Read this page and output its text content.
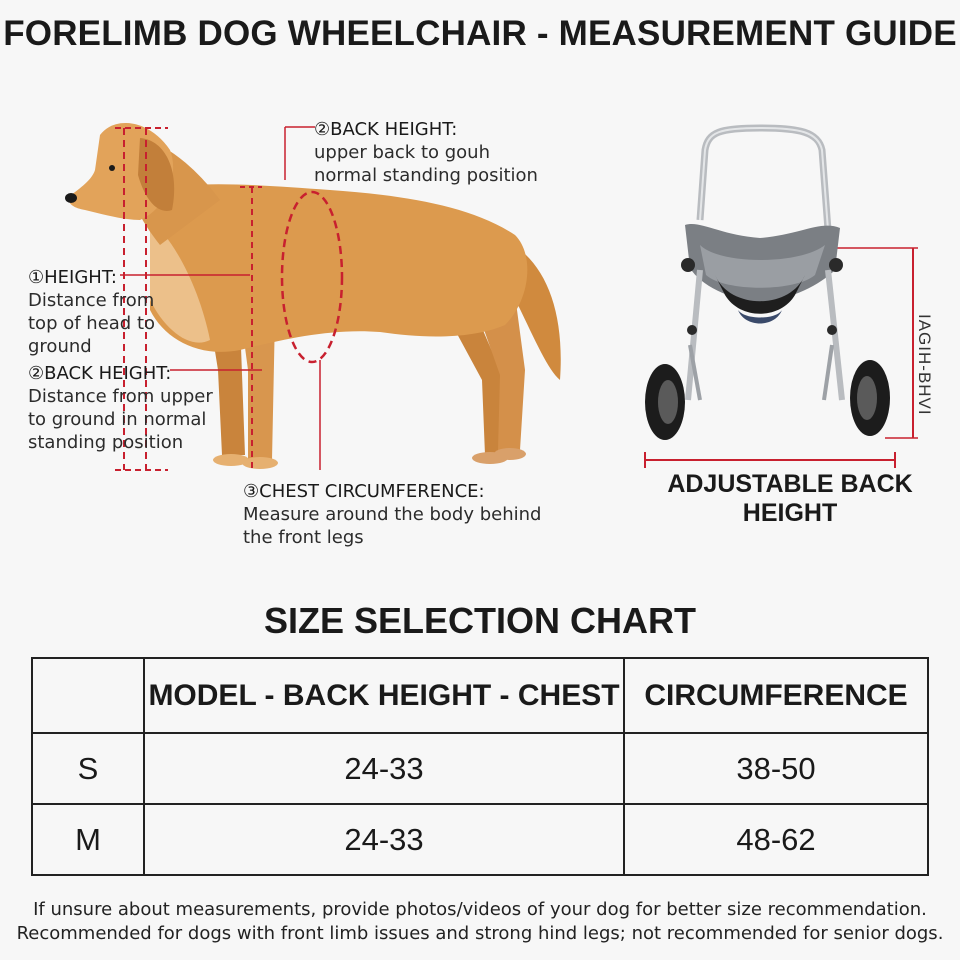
FORELIMB DOG WHEELCHAIR - MEASUREMENT GUIDE
①HEIGHT:
Distance from
top of head to
ground
②BACK HEIGHT:
Distance from upper
to ground in normal
standing position
②BACK HEIGHT:
upper back to gouh
normal standing position
③CHEST CIRCUMFERENCE:
Measure around the body behind
the front legs
ADJUSTABLE BACK
HEIGHT
IAGIH-BHVI
SIZE SELECTION CHART
	MODEL - BACK HEIGHT - CHEST	CIRCUMFERENCE
S	24-33	38-50
M	24-33	48-62
If unsure about measurements, provide photos/videos of your dog for better size recommendation.
Recommended for dogs with front limb issues and strong hind legs; not recommended for senior dogs.
